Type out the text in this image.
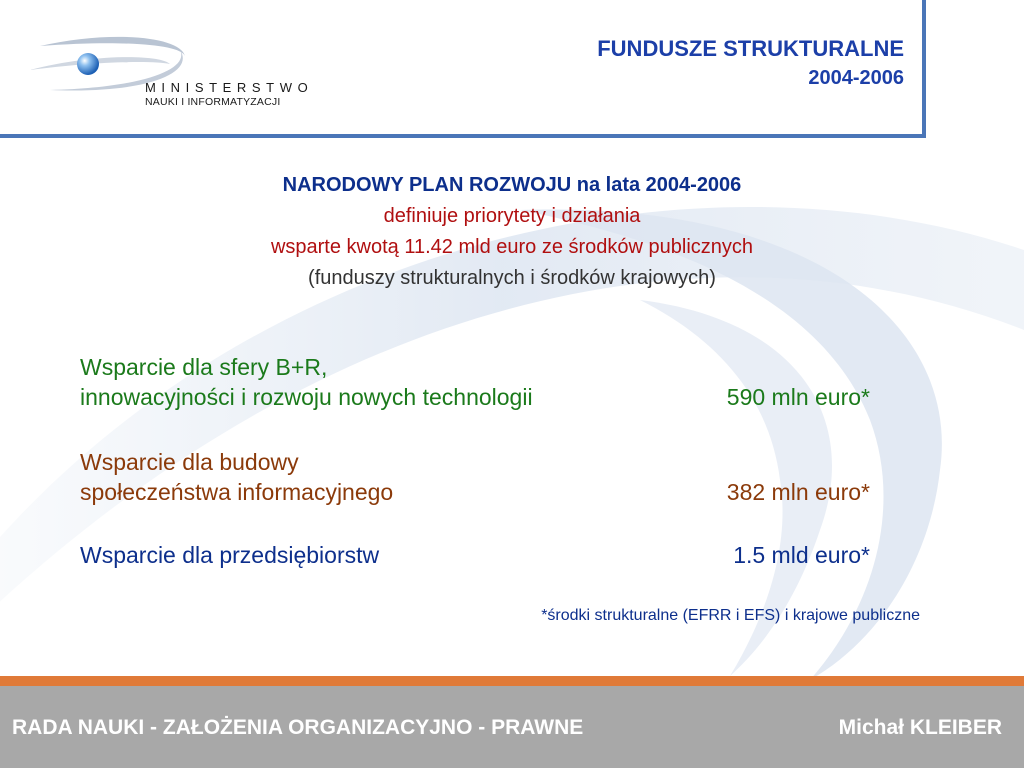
MINISTERSTWO
NAUKI I INFORMATYZACJI
FUNDUSZE STRUKTURALNE
2004-2006
NARODOWY PLAN ROZWOJU na lata 2004-2006
definiuje priorytety i działania
wsparte kwotą 11.42 mld euro ze środków publicznych
(funduszy strukturalnych i środków krajowych)
Wsparcie dla sfery B+R,
innowacyjności i rozwoju nowych technologii	590 mln euro*
Wsparcie dla budowy
społeczeństwa informacyjnego	382 mln euro*
Wsparcie dla przedsiębiorstw	1.5 mld euro*
*środki strukturalne (EFRR i EFS) i krajowe publiczne
RADA NAUKI - ZAŁOŻENIA ORGANIZACYJNO - PRAWNE	Michał KLEIBER
